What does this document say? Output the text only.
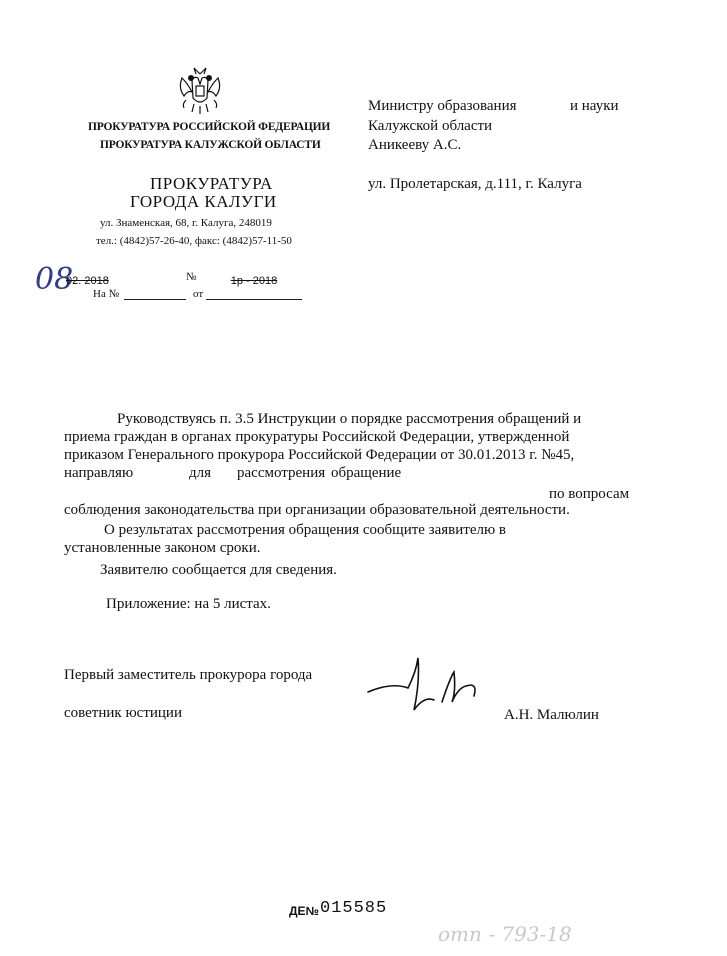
ПРОКУРАТУРА РОССИЙСКОЙ ФЕДЕРАЦИИ
ПРОКУРАТУРА КАЛУЖСКОЙ ОБЛАСТИ
ПРОКУРАТУРА
ГОРОДА КАЛУГИ
ул. Знаменская, 68, г. Калуга, 248019
тел.: (4842)57-26-40, факс: (4842)57-11-50
08
02. 2018	№	1р - 2018
На №	от
Министру образования	и науки
Калужской области
Аникееву А.С.
ул. Пролетарская, д.111, г. Калуга
Руководствуясь п. 3.5 Инструкции о порядке рассмотрения обращений и
приема граждан в органах прокуратуры Российской Федерации, утвержденной
приказом Генерального прокурора Российской Федерации от 30.01.2013 г. №45,
направляю	для рассмотрения обращение
по вопросам
соблюдения законодательства при организации образовательной деятельности.
О результатах рассмотрения обращения сообщите заявителю в
установленные законом сроки.
Заявителю сообщается для сведения.
Приложение: на 5 листах.
Первый заместитель прокурора города
советник юстиции	А.Н. Малюлин
ДЕ№ 015585
отп - 793-18
